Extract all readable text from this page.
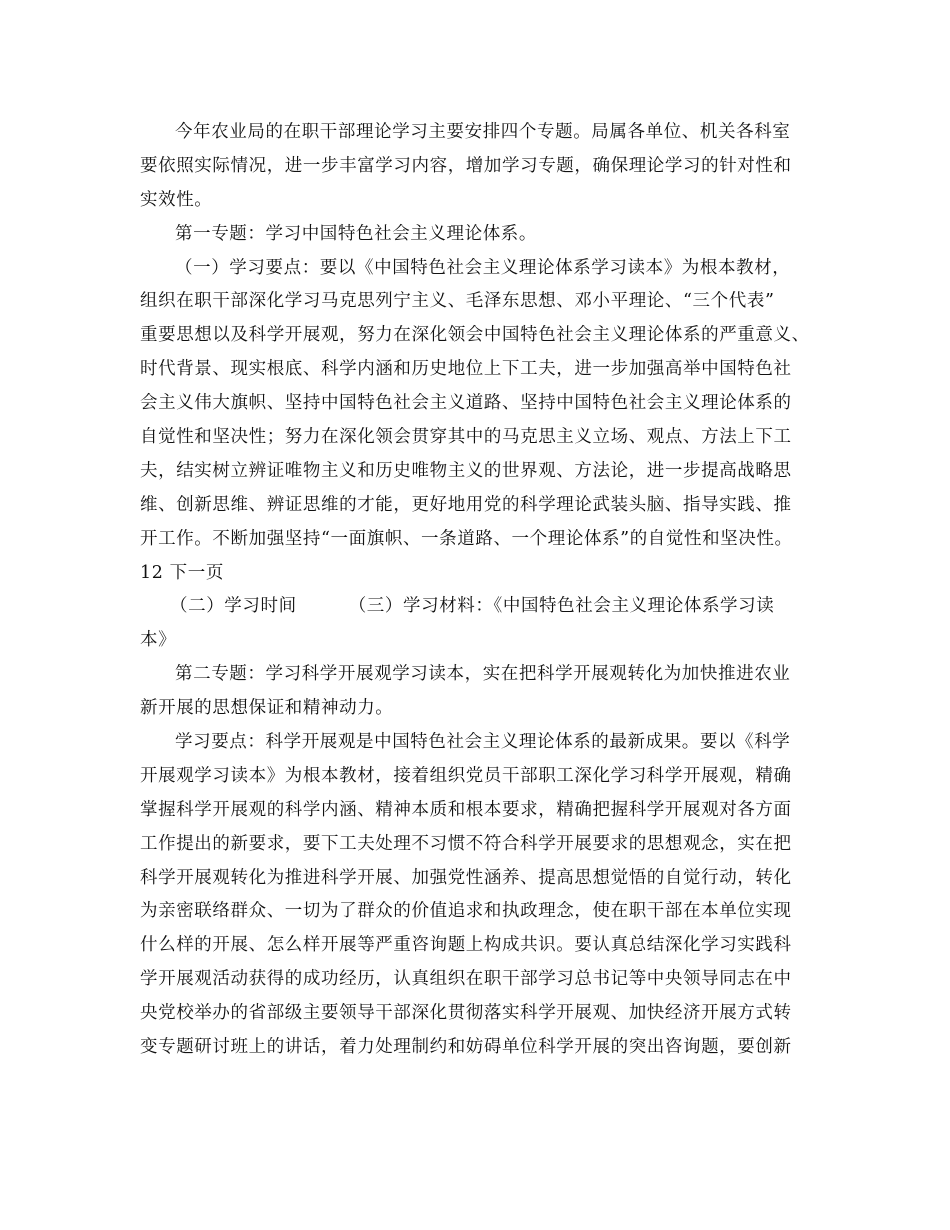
今年农业局的在职干部理论学习主要安排四个专题。局属各单位、机关各科室
要依照实际情况，进一步丰富学习内容，增加学习专题，确保理论学习的针对性和
实效性。
第一专题：学习中国特色社会主义理论体系。
（一）学习要点：要以《中国特色社会主义理论体系学习读本》为根本教材，
组织在职干部深化学习马克思列宁主义、毛泽东思想、邓小平理论、“三个代表”
重要思想以及科学开展观，努力在深化领会中国特色社会主义理论体系的严重意义、
时代背景、现实根底、科学内涵和历史地位上下工夫，进一步加强高举中国特色社
会主义伟大旗帜、坚持中国特色社会主义道路、坚持中国特色社会主义理论体系的
自觉性和坚决性；努力在深化领会贯穿其中的马克思主义立场、观点、方法上下工
夫，结实树立辨证唯物主义和历史唯物主义的世界观、方法论，进一步提高战略思
维、创新思维、辨证思维的才能，更好地用党的科学理论武装头脑、指导实践、推
开工作。不断加强坚持“一面旗帜、一条道路、一个理论体系”的自觉性和坚决性。
12 下一页
（二）学习时间	（三）学习材料：《中国特色社会主义理论体系学习读
本》
第二专题：学习科学开展观学习读本，实在把科学开展观转化为加快推进农业
新开展的思想保证和精神动力。
学习要点：科学开展观是中国特色社会主义理论体系的最新成果。要以《科学
开展观学习读本》为根本教材，接着组织党员干部职工深化学习科学开展观，精确
掌握科学开展观的科学内涵、精神本质和根本要求，精确把握科学开展观对各方面
工作提出的新要求，要下工夫处理不习惯不符合科学开展要求的思想观念，实在把
科学开展观转化为推进科学开展、加强党性涵养、提高思想觉悟的自觉行动，转化
为亲密联络群众、一切为了群众的价值追求和执政理念，使在职干部在本单位实现
什么样的开展、怎么样开展等严重咨询题上构成共识。要认真总结深化学习实践科
学开展观活动获得的成功经历，认真组织在职干部学习总书记等中央领导同志在中
央党校举办的省部级主要领导干部深化贯彻落实科学开展观、加快经济开展方式转
变专题研讨班上的讲话，着力处理制约和妨碍单位科学开展的突出咨询题，要创新
